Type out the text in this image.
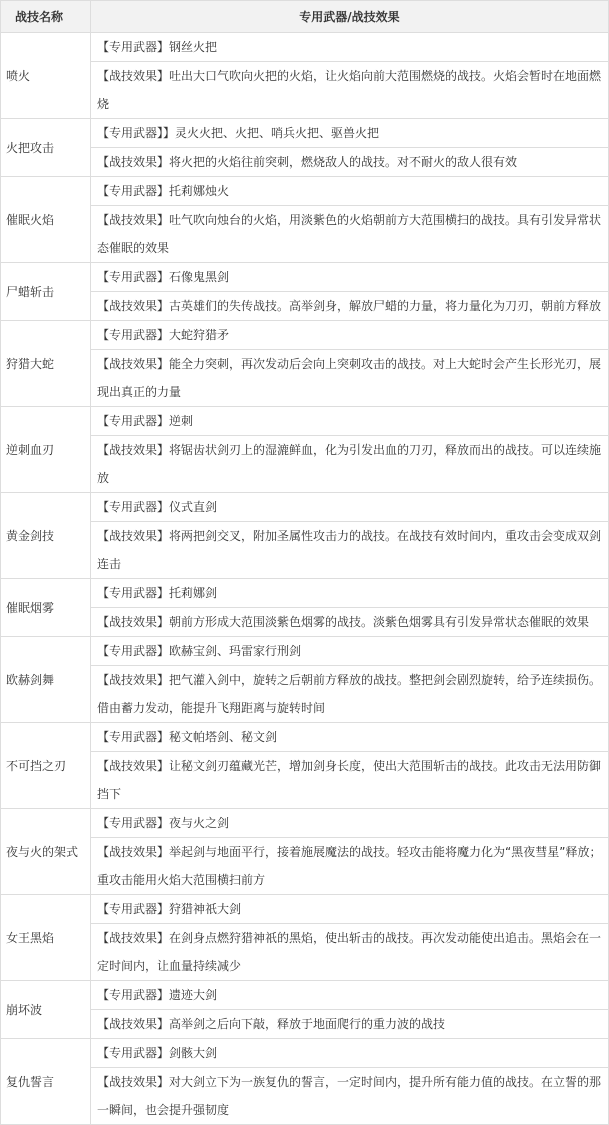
战技名称	专用武器/战技效果
喷火	【专用武器】钢丝火把
	【战技效果】吐出大口气吹向火把的火焰，让火焰向前大范围燃烧的战技。火焰会暂时在地面燃烧
火把攻击	【专用武器】】灵火火把、火把、哨兵火把、驱兽火把
	【战技效果】将火把的火焰往前突刺，燃烧敌人的战技。对不耐火的敌人很有效
催眠火焰	【专用武器】托莉娜烛火
	【战技效果】吐气吹向烛台的火焰，用淡紫色的火焰朝前方大范围横扫的战技。具有引发异常状态催眠的效果
尸蜡斩击	【专用武器】石像鬼黑剑
	【战技效果】古英雄们的失传战技。高举剑身，解放尸蜡的力量，将力量化为刀刃，朝前方释放
狩猎大蛇	【专用武器】大蛇狩猎矛
	【战技效果】能全力突刺，再次发动后会向上突刺攻击的战技。对上大蛇时会产生长形光刃，展现出真正的力量
逆刺血刃	【专用武器】逆刺
	【战技效果】将锯齿状剑刃上的湿漉鲜血，化为引发出血的刀刃，释放而出的战技。可以连续施放
黄金剑技	【专用武器】仪式直剑
	【战技效果】将两把剑交叉，附加圣属性攻击力的战技。在战技有效时间内，重攻击会变成双剑连击
催眠烟雾	【专用武器】托莉娜剑
	【战技效果】朝前方形成大范围淡紫色烟雾的战技。淡紫色烟雾具有引发异常状态催眠的效果
欧赫剑舞	【专用武器】欧赫宝剑、玛雷家行刑剑
	【战技效果】把气灌入剑中，旋转之后朝前方释放的战技。整把剑会剧烈旋转，给予连续损伤。借由蓄力发动，能提升飞翔距离与旋转时间
不可挡之刃	【专用武器】秘文帕塔剑、秘文剑
	【战技效果】让秘文剑刃蕴藏光芒，增加剑身长度，使出大范围斩击的战技。此攻击无法用防御挡下
夜与火的架式	【专用武器】夜与火之剑
	【战技效果】举起剑与地面平行，接着施展魔法的战技。轻攻击能将魔力化为“黑夜彗星”释放；重攻击能用火焰大范围横扫前方
女王黑焰	【专用武器】狩猎神祇大剑
	【战技效果】在剑身点燃狩猎神祇的黑焰，使出斩击的战技。再次发动能使出追击。黑焰会在一定时间内，让血量持续减少
崩坏波	【专用武器】遗迹大剑
	【战技效果】高举剑之后向下敲，释放于地面爬行的重力波的战技
复仇誓言	【专用武器】剑骸大剑
	【战技效果】对大剑立下为一族复仇的誓言，一定时间内，提升所有能力值的战技。在立誓的那一瞬间，也会提升强韧度
